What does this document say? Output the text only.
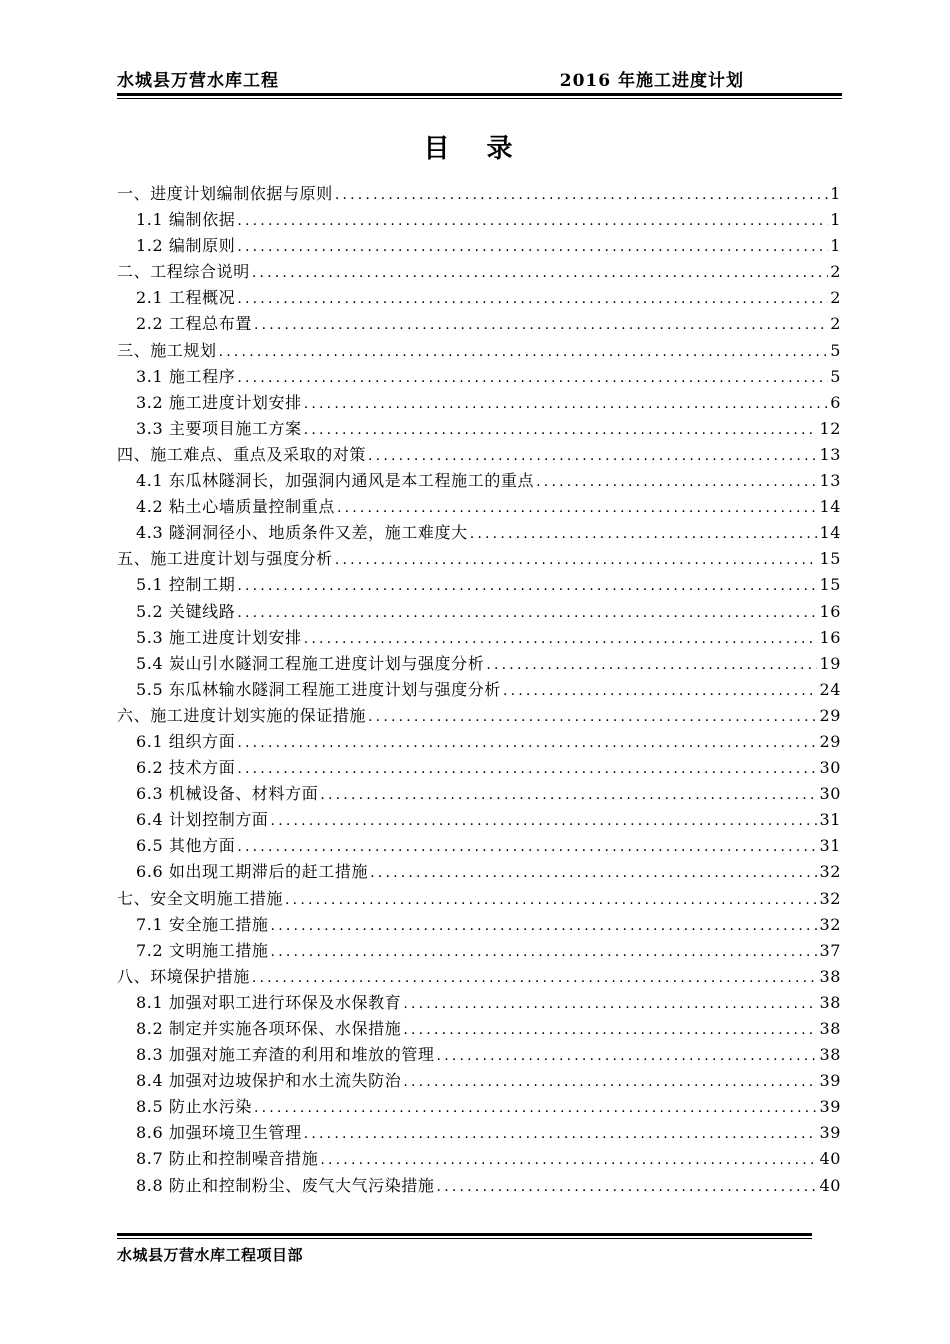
水城县万营水库工程	2016 年施工进度计划
目 录
一、进度计划编制依据与原则 .....	1
1.1 编制依据 .....	1
1.2 编制原则 .....	1
二、工程综合说明 .....	2
2.1 工程概况 .....	2
2.2 工程总布置 .....	2
三、施工规划 .....	5
3.1 施工程序 .....	5
3.2 施工进度计划安排 .....	6
3.3 主要项目施工方案 .....	12
四、施工难点、重点及采取的对策 .....	13
4.1 东瓜林隧洞长，加强洞内通风是本工程施工的重点 .....	13
4.2 粘土心墙质量控制重点 .....	14
4.3 隧洞洞径小、地质条件又差，施工难度大 .....	14
五、施工进度计划与强度分析 .....	15
5.1 控制工期 .....	15
5.2 关键线路 .....	16
5.3 施工进度计划安排 .....	16
5.4 炭山引水隧洞工程施工进度计划与强度分析 .....	19
5.5 东瓜林输水隧洞工程施工进度计划与强度分析 .....	24
六、施工进度计划实施的保证措施 .....	29
6.1 组织方面 .....	29
6.2 技术方面 .....	30
6.3 机械设备、材料方面 .....	30
6.4 计划控制方面 .....	31
6.5 其他方面 .....	31
6.6 如出现工期滞后的赶工措施 .....	32
七、安全文明施工措施 .....	32
7.1 安全施工措施 .....	32
7.2 文明施工措施 .....	37
八、环境保护措施 .....	38
8.1 加强对职工进行环保及水保教育 .....	38
8.2 制定并实施各项环保、水保措施 .....	38
8.3 加强对施工弃渣的利用和堆放的管理 .....	38
8.4 加强对边坡保护和水土流失防治 .....	39
8.5 防止水污染 .....	39
8.6 加强环境卫生管理 .....	39
8.7 防止和控制噪音措施 .....	40
8.8 防止和控制粉尘、废气大气污染措施 .....	40
水城县万营水库工程项目部
